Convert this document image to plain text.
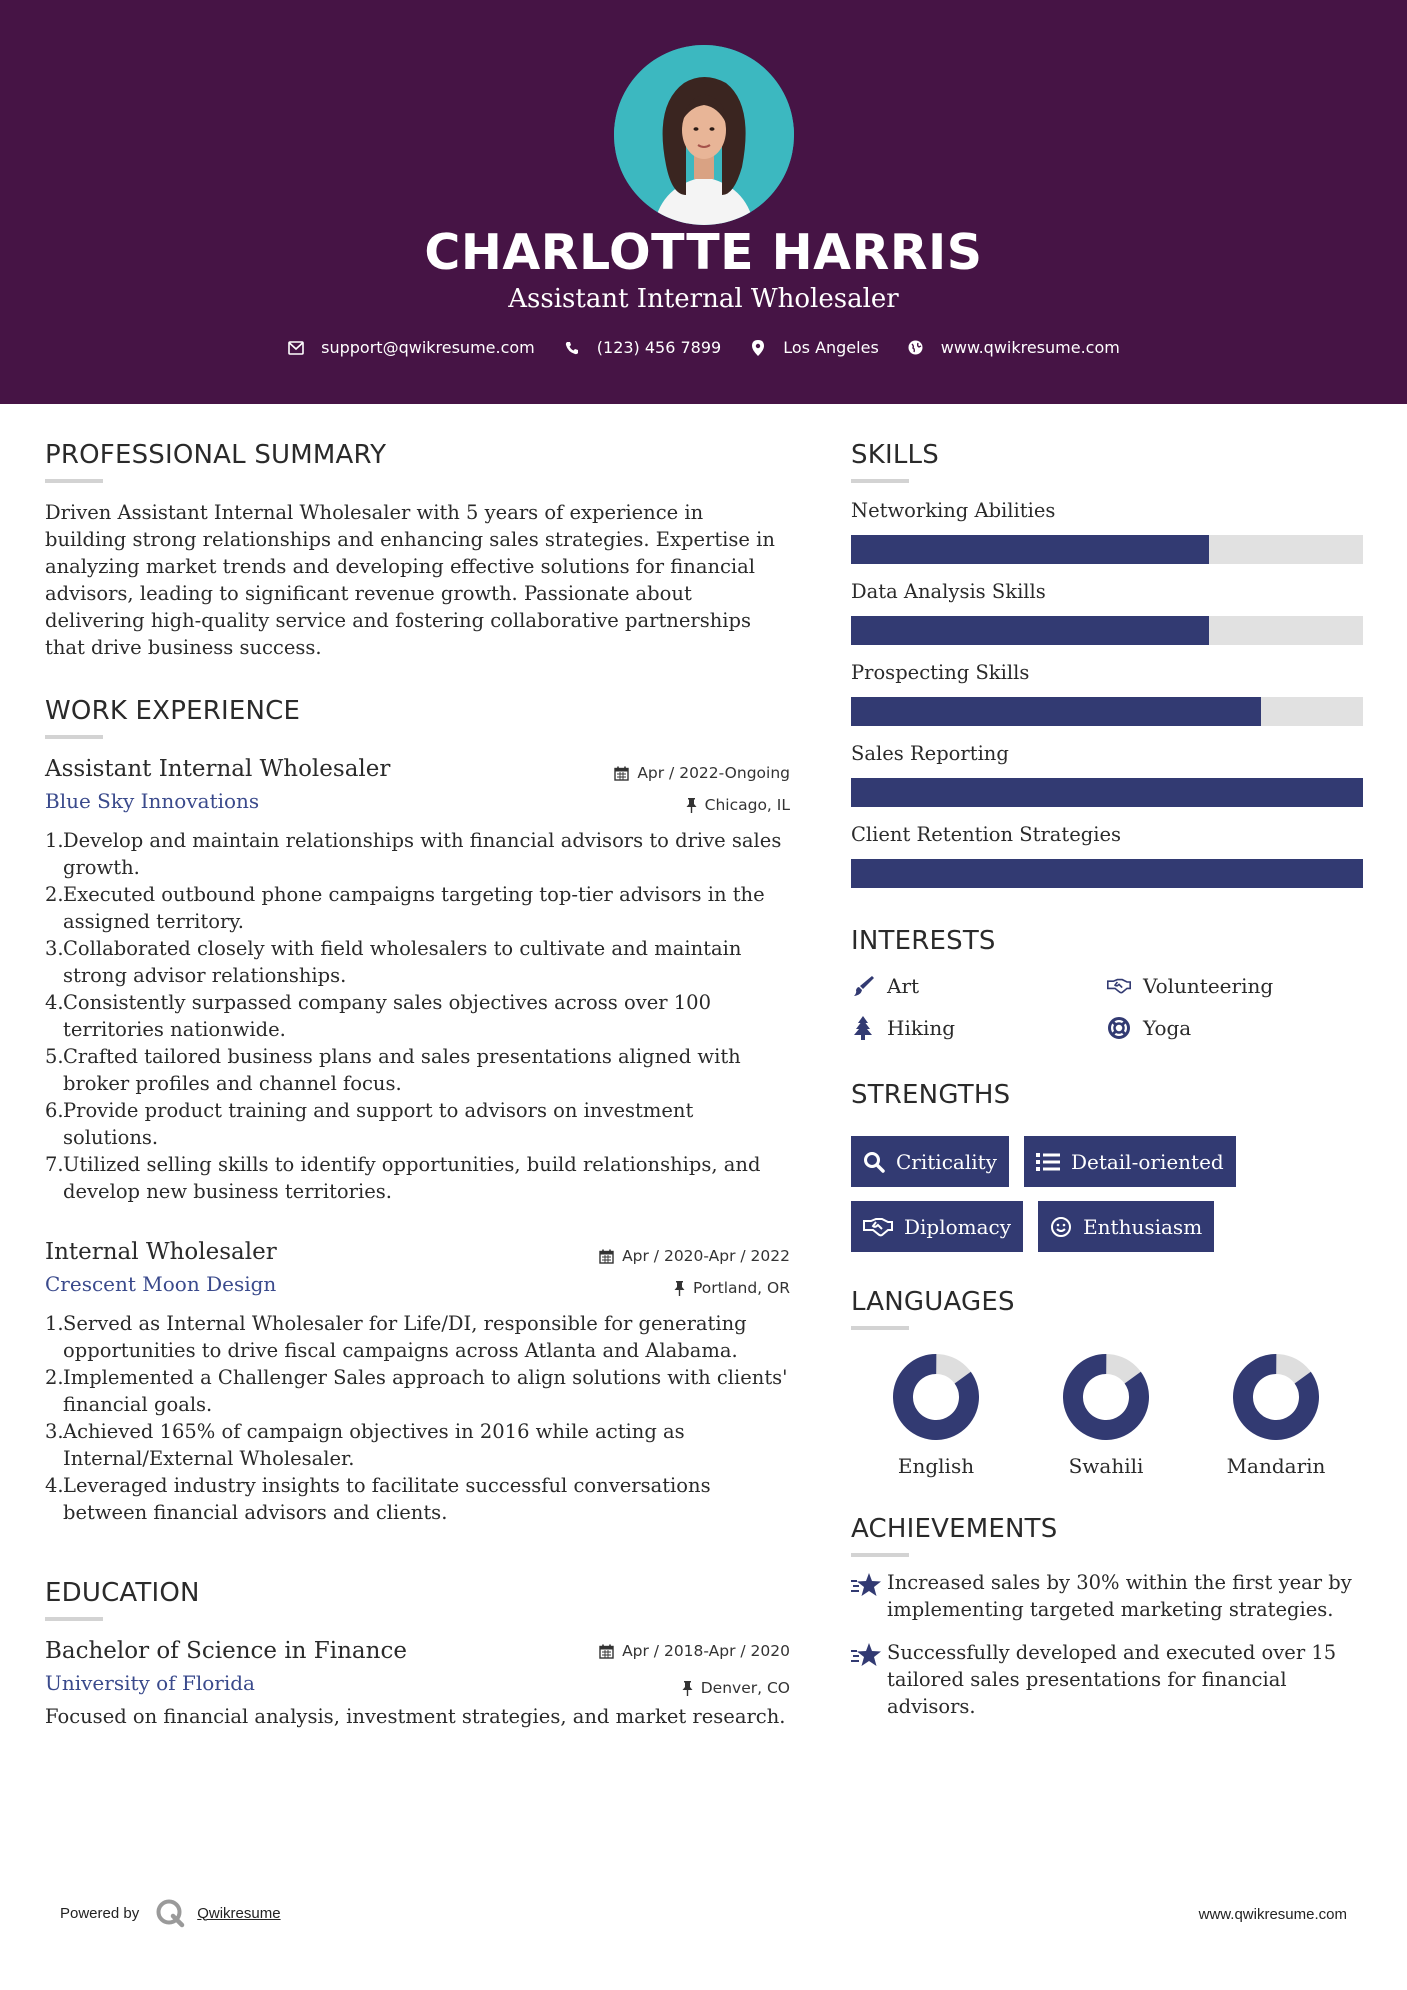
CHARLOTTE HARRIS
Assistant Internal Wholesaler
support@qwikresume.com	(123) 456 7899	Los Angeles	www.qwikresume.com
PROFESSIONAL SUMMARY
Driven Assistant Internal Wholesaler with 5 years of experience in building strong relationships and enhancing sales strategies. Expertise in analyzing market trends and developing effective solutions for financial advisors, leading to significant revenue growth. Passionate about delivering high-quality service and fostering collaborative partnerships that drive business success.
WORK EXPERIENCE
Apr / 2022-Ongoing
Chicago, IL
Assistant Internal Wholesaler
Blue Sky Innovations
1. Develop and maintain relationships with financial advisors to drive sales growth.
2. Executed outbound phone campaigns targeting top-tier advisors in the assigned territory.
3. Collaborated closely with field wholesalers to cultivate and maintain strong advisor relationships.
4. Consistently surpassed company sales objectives across over 100 territories nationwide.
5. Crafted tailored business plans and sales presentations aligned with broker profiles and channel focus.
6. Provide product training and support to advisors on investment solutions.
7. Utilized selling skills to identify opportunities, build relationships, and develop new business territories.
Apr / 2020-Apr / 2022
Portland, OR
Internal Wholesaler
Crescent Moon Design
1. Served as Internal Wholesaler for Life/DI, responsible for generating opportunities to drive fiscal campaigns across Atlanta and Alabama.
2. Implemented a Challenger Sales approach to align solutions with clients' financial goals.
3. Achieved 165% of campaign objectives in 2016 while acting as Internal/External Wholesaler.
4. Leveraged industry insights to facilitate successful conversations between financial advisors and clients.
EDUCATION
Apr / 2018-Apr / 2020
Denver, CO
Bachelor of Science in Finance
University of Florida
Focused on financial analysis, investment strategies, and market research.
SKILLS
Networking Abilities
Data Analysis Skills
Prospecting Skills
Sales Reporting
Client Retention Strategies
INTERESTS
Art	Volunteering
Hiking	Yoga
STRENGTHS
Criticality	Detail-oriented
Diplomacy	Enthusiasm
LANGUAGES
English	Swahili	Mandarin
ACHIEVEMENTS
Increased sales by 30% within the first year by implementing targeted marketing strategies.
Successfully developed and executed over 15 tailored sales presentations for financial advisors.
Powered by	Qwikresume	www.qwikresume.com
